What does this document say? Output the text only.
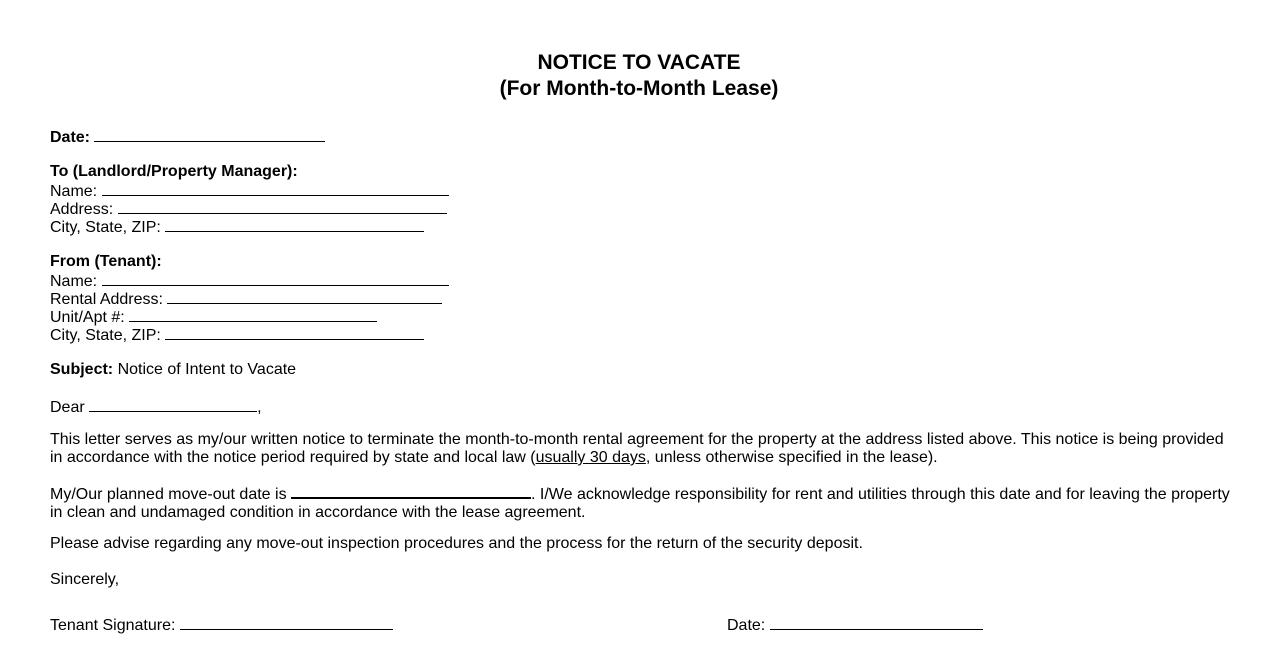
NOTICE TO VACATE
(For Month-to-Month Lease)
Date:
To (Landlord/Property Manager):
Name:
Address:
City, State, ZIP:
From (Tenant):
Name:
Rental Address:
Unit/Apt #:
City, State, ZIP:
Subject: Notice of Intent to Vacate
Dear	,
This letter serves as my/our written notice to terminate the month-to-month rental agreement for the property at the address listed above. This notice is being provided in accordance with the notice period required by state and local law (usually 30 days, unless otherwise specified in the lease).
My/Our planned move-out date is	. I/We acknowledge responsibility for rent and utilities through this date and for leaving the property in clean and undamaged condition in accordance with the lease agreement.
Please advise regarding any move-out inspection procedures and the process for the return of the security deposit.
Sincerely,
Tenant Signature:	Date:
